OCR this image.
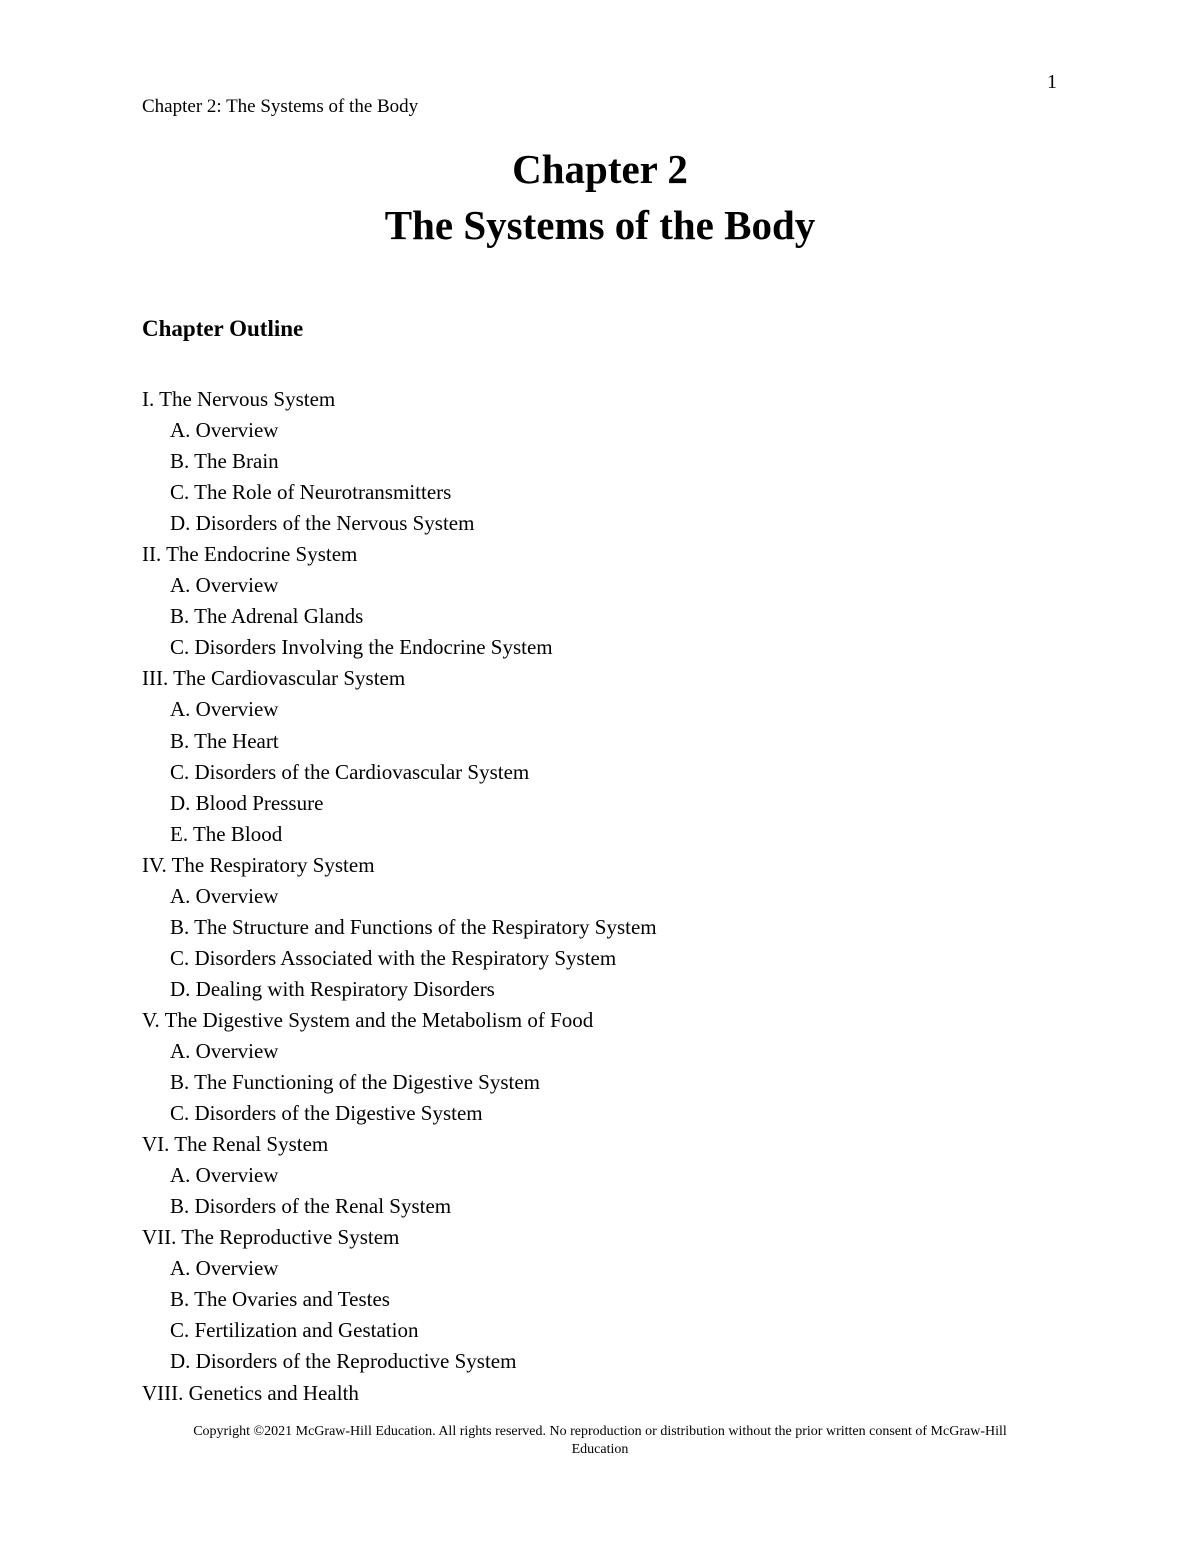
1
Chapter 2: The Systems of the Body
Chapter 2
The Systems of the Body
Chapter Outline
I. The Nervous System
A. Overview
B. The Brain
C. The Role of Neurotransmitters
D. Disorders of the Nervous System
II. The Endocrine System
A. Overview
B. The Adrenal Glands
C. Disorders Involving the Endocrine System
III. The Cardiovascular System
A. Overview
B. The Heart
C. Disorders of the Cardiovascular System
D. Blood Pressure
E. The Blood
IV. The Respiratory System
A. Overview
B. The Structure and Functions of the Respiratory System
C. Disorders Associated with the Respiratory System
D. Dealing with Respiratory Disorders
V. The Digestive System and the Metabolism of Food
A. Overview
B. The Functioning of the Digestive System
C. Disorders of the Digestive System
VI. The Renal System
A. Overview
B. Disorders of the Renal System
VII. The Reproductive System
A. Overview
B. The Ovaries and Testes
C. Fertilization and Gestation
D. Disorders of the Reproductive System
VIII. Genetics and Health
Copyright ©2021 McGraw-Hill Education. All rights reserved. No reproduction or distribution without the prior written consent of McGraw-Hill
Education
